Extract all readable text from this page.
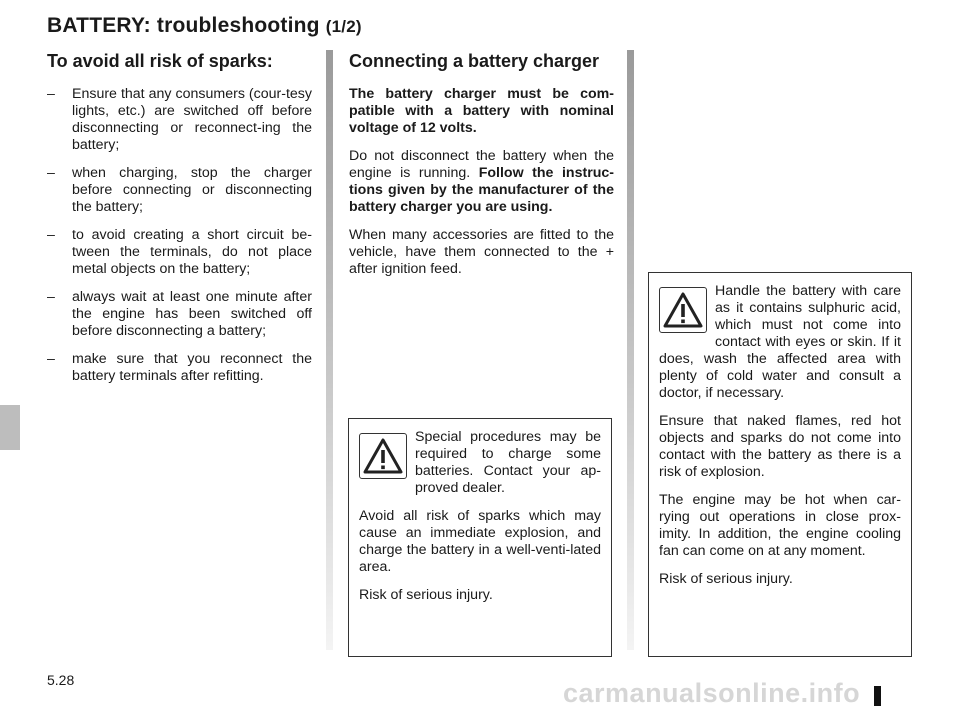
BATTERY: troubleshooting (1/2)
To avoid all risk of sparks:
– Ensure that any consumers (cour-tesy lights, etc.) are switched off before disconnecting or reconnect-ing the battery;
– when charging, stop the charger before connecting or disconnecting the battery;
– to avoid creating a short circuit be-tween the terminals, do not place metal objects on the battery;
– always wait at least one minute after the engine has been switched off before disconnecting a battery;
– make sure that you reconnect the battery terminals after refitting.
Connecting a battery charger

The battery charger must be com-patible with a battery with nominal voltage of 12 volts.

Do not disconnect the battery when the engine is running. Follow the instruc-tions given by the manufacturer of the battery charger you are using.

When many accessories are fitted to the vehicle, have them connected to the + after ignition feed.

Special procedures may be required to charge some batteries. Contact your ap-proved dealer.

Avoid all risk of sparks which may cause an immediate explosion, and charge the battery in a well-venti-lated area.

Risk of serious injury.

Handle the battery with care as it contains sulphuric acid, which must not come into contact with eyes or skin. If it does, wash the affected area with plenty of cold water and consult a doctor, if necessary.

Ensure that naked flames, red hot objects and sparks do not come into contact with the battery as there is a risk of explosion.

The engine may be hot when car-rying out operations in close prox-imity. In addition, the engine cooling fan can come on at any moment.

Risk of serious injury.

5.28	carmanualsonline.info
